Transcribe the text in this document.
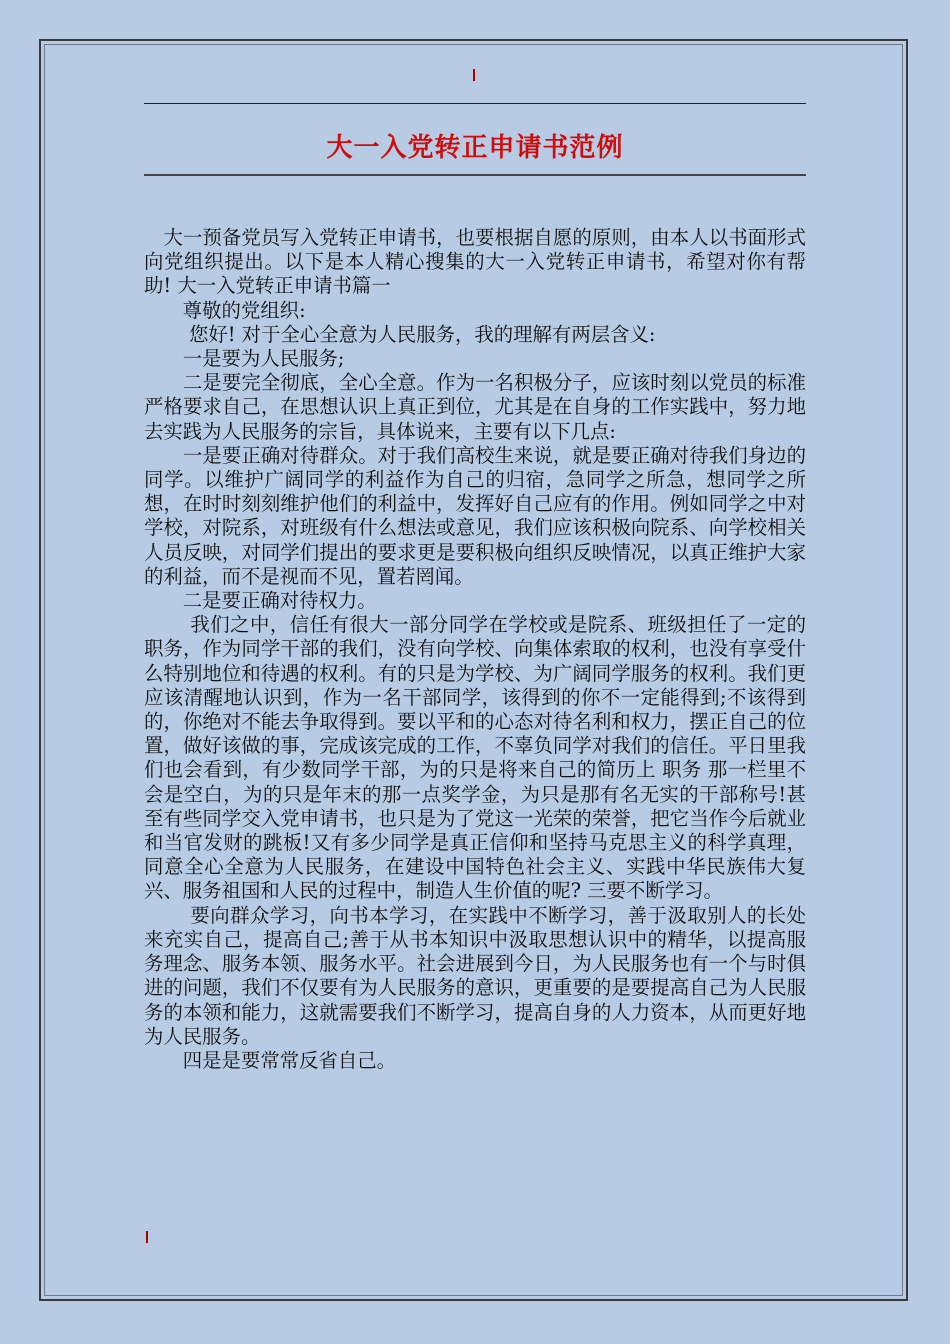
大一入党转正申请书范例

　大一预备党员写入党转正申请书，也要根据自愿的原则，由本人以书面形式向党组织提出。以下是本人精心搜集的大一入党转正申请书，希望对你有帮助! 大一入党转正申请书篇一

　　尊敬的党组织:

　　 您好! 对于全心全意为人民服务，我的理解有两层含义:

　　一是要为人民服务;

　　二是要完全彻底，全心全意。作为一名积极分子，应该时刻以党员的标准严格要求自己，在思想认识上真正到位，尤其是在自身的工作实践中，努力地去实践为人民服务的宗旨，具体说来，主要有以下几点:

　　一是要正确对待群众。对于我们高校生来说，就是要正确对待我们身边的同学。以维护广阔同学的利益作为自己的归宿，急同学之所急，想同学之所想，在时时刻刻维护他们的利益中，发挥好自己应有的作用。例如同学之中对学校，对院系，对班级有什么想法或意见，我们应该积极向院系、向学校相关人员反映，对同学们提出的要求更是要积极向组织反映情况，以真正维护大家的利益，而不是视而不见，置若罔闻。

　　二是要正确对待权力。

　　 我们之中，信任有很大一部分同学在学校或是院系、班级担任了一定的职务，作为同学干部的我们，没有向学校、向集体索取的权利，也没有享受什么特别地位和待遇的权利。有的只是为学校、为广阔同学服务的权利。我们更应该清醒地认识到，作为一名干部同学，该得到的你不一定能得到;不该得到的，你绝对不能去争取得到。要以平和的心态对待名利和权力，摆正自己的位置，做好该做的事，完成该完成的工作，不辜负同学对我们的信任。平日里我们也会看到，有少数同学干部，为的只是将来自己的简历上 职务 那一栏里不会是空白，为的只是年末的那一点奖学金，为只是那有名无实的干部称号!甚至有些同学交入党申请书，也只是为了党这一光荣的荣誉，把它当作今后就业和当官发财的跳板!又有多少同学是真正信仰和坚持马克思主义的科学真理，同意全心全意为人民服务，在建设中国特色社会主义、实践中华民族伟大复兴、服务祖国和人民的过程中，制造人生价值的呢? 三要不断学习。

　　 要向群众学习，向书本学习，在实践中不断学习，善于汲取别人的长处来充实自己，提高自己;善于从书本知识中汲取思想认识中的精华，以提高服务理念、服务本领、服务水平。社会进展到今日，为人民服务也有一个与时俱进的问题，我们不仅要有为人民服务的意识，更重要的是要提高自己为人民服务的本领和能力，这就需要我们不断学习，提高自身的人力资本，从而更好地为人民服务。

　　四是是要常常反省自己。
